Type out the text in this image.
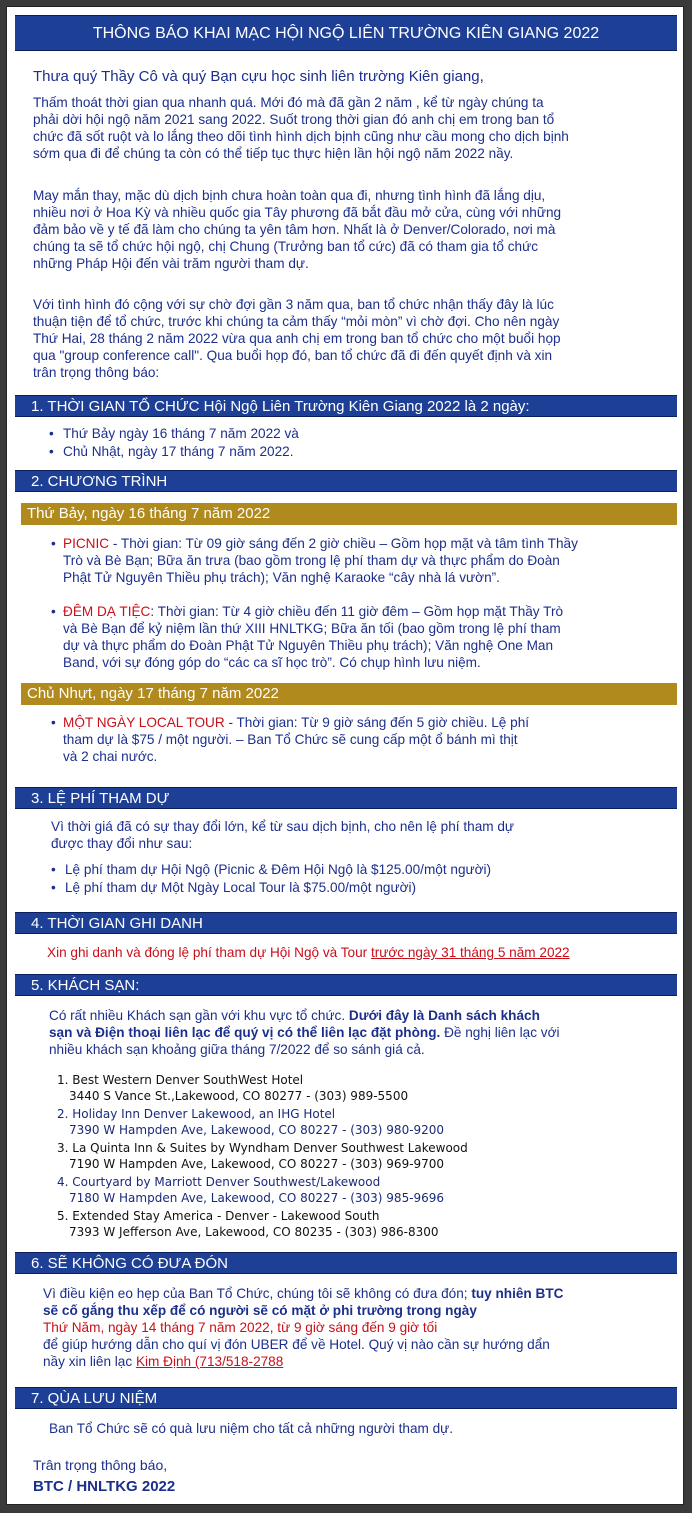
THÔNG BÁO KHAI MẠC HỘI NGỘ LIÊN TRƯỜNG KIÊN GIANG 2022
Thưa quý Thầy Cô và quý Bạn cựu học sinh liên trường Kiên giang,
Thấm thoát thời gian qua nhanh quá. Mới đó mà đã gần 2 năm , kể từ ngày chúng ta
phải dời hội ngộ năm 2021 sang 2022. Suốt trong thời gian đó anh chị em trong ban tổ
chức đã sốt ruột và lo lắng theo dõi tình hình dịch bịnh cũng như cầu mong cho dịch bịnh
sớm qua đi để chúng ta còn có thể tiếp tục thực hiện lần hội ngộ năm 2022 nầy.
May mắn thay, mặc dù dịch bịnh chưa hoàn toàn qua đi, nhưng tình hình đã lắng dịu,
nhiều nơi ở Hoa Kỳ và nhiều quốc gia Tây phương đã bắt đầu mở cửa, cùng với những
đảm bảo về y tế đã làm cho chúng ta yên tâm hơn. Nhất là ở Denver/Colorado, nơi mà
chúng ta sẽ tổ chức hội ngộ, chị Chung (Trưởng ban tổ cức) đã có tham gia tổ chức
những Pháp Hội đến vài trăm người tham dự.
Với tình hình đó cộng với sự chờ đợi gần 3 năm qua, ban tổ chức nhận thấy đây là lúc
thuận tiện để tổ chức, trước khi chúng ta cảm thấy “mỏi mòn” vì chờ đợi. Cho nên ngày
Thứ Hai, 28 tháng 2 năm 2022 vừa qua anh chị em trong ban tổ chức cho một buổi họp
qua "group conference call". Qua buổi họp đó, ban tổ chức đã đi đến quyết định và xin
trân trọng thông báo:
1. THỜI GIAN TỔ CHỨC Hội Ngộ Liên Trường Kiên Giang 2022 là 2 ngày:
• Thứ Bảy ngày 16 tháng 7 năm 2022 và
• Chủ Nhật, ngày 17 tháng 7 năm 2022.
2. CHƯƠNG TRÌNH
Thứ Bảy, ngày 16 tháng 7 năm 2022
• PICNIC - Thời gian: Từ 09 giờ sáng đến 2 giờ chiều – Gồm họp mặt và tâm tình Thầy
Trò và Bè Bạn; Bữa ăn trưa (bao gồm trong lệ phí tham dự và thực phẩm do Đoàn
Phật Tử Nguyên Thiều phụ trách); Văn nghệ Karaoke “cây nhà lá vườn”.
• ĐÊM DẠ TIỆC: Thời gian: Từ 4 giờ chiều đến 11 giờ đêm – Gồm họp mặt Thầy Trò
và Bè Bạn để kỷ niệm lần thứ XIII HNLTKG; Bữa ăn tối (bao gồm trong lệ phí tham
dự và thực phẩm do Đoàn Phật Tử Nguyên Thiều phụ trách); Văn nghệ One Man
Band, với sự đóng góp do “các ca sĩ học trò”. Có chụp hình lưu niệm.
Chủ Nhựt, ngày 17 tháng 7 năm 2022
• MỘT NGÀY LOCAL TOUR - Thời gian: Từ 9 giờ sáng đến 5 giờ chiều. Lệ phí
tham dự là $75 / một người. – Ban Tổ Chức sẽ cung cấp một ổ bánh mì thịt
và 2 chai nước.
3. LỆ PHÍ THAM DỰ
Vì thời giá đã có sự thay đổi lớn, kể từ sau dịch bịnh, cho nên lệ phí tham dự
được thay đổi như sau:
• Lệ phí tham dự Hội Ngộ (Picnic & Đêm Hội Ngộ là $125.00/một người)
• Lệ phí tham dự Một Ngày Local Tour là $75.00/một người)
4. THỜI GIAN GHI DANH
Xin ghi danh và đóng lệ phí tham dự Hội Ngộ và Tour trước ngày 31 tháng 5 năm 2022
5. KHÁCH SẠN:
Có rất nhiều Khách sạn gần với khu vực tổ chức. Dưới đây là Danh sách khách
sạn và Điện thoại liên lạc để quý vị có thể liên lạc đặt phòng. Đề nghị liên lạc với
nhiều khách sạn khoảng giữa tháng 7/2022 để so sánh giá cả.
1. Best Western Denver SouthWest Hotel
3440 S Vance St.,Lakewood, CO 80277 - (303) 989-5500
2. Holiday Inn Denver Lakewood, an IHG Hotel
7390 W Hampden Ave, Lakewood, CO 80227 - (303) 980-9200
3. La Quinta Inn & Suites by Wyndham Denver Southwest Lakewood
7190 W Hampden Ave, Lakewood, CO 80227 - (303) 969-9700
4. Courtyard by Marriott Denver Southwest/Lakewood
7180 W Hampden Ave, Lakewood, CO 80227 - (303) 985-9696
5. Extended Stay America - Denver - Lakewood South
7393 W Jefferson Ave, Lakewood, CO 80235 - (303) 986-8300
6. SẼ KHÔNG CÓ ĐƯA ĐÓN
Vì điều kiện eo hẹp của Ban Tổ Chức, chúng tôi sẽ không có đưa đón; tuy nhiên BTC
sẽ cố gắng thu xếp để có người sẽ có mặt ở phi trường trong ngày
Thứ Năm, ngày 14 tháng 7 năm 2022, từ 9 giờ sáng đến 9 giờ tối
để giúp hướng dẫn cho quí vị đón UBER để về Hotel. Quý vị nào cần sự hướng dẩn
nầy xin liên lạc Kim Định (713/518-2788
7. QÙA LƯU NIỆM
Ban Tổ Chức sẽ có quà lưu niệm cho tất cả những người tham dự.
Trân trọng thông báo,
BTC / HNLTKG 2022
